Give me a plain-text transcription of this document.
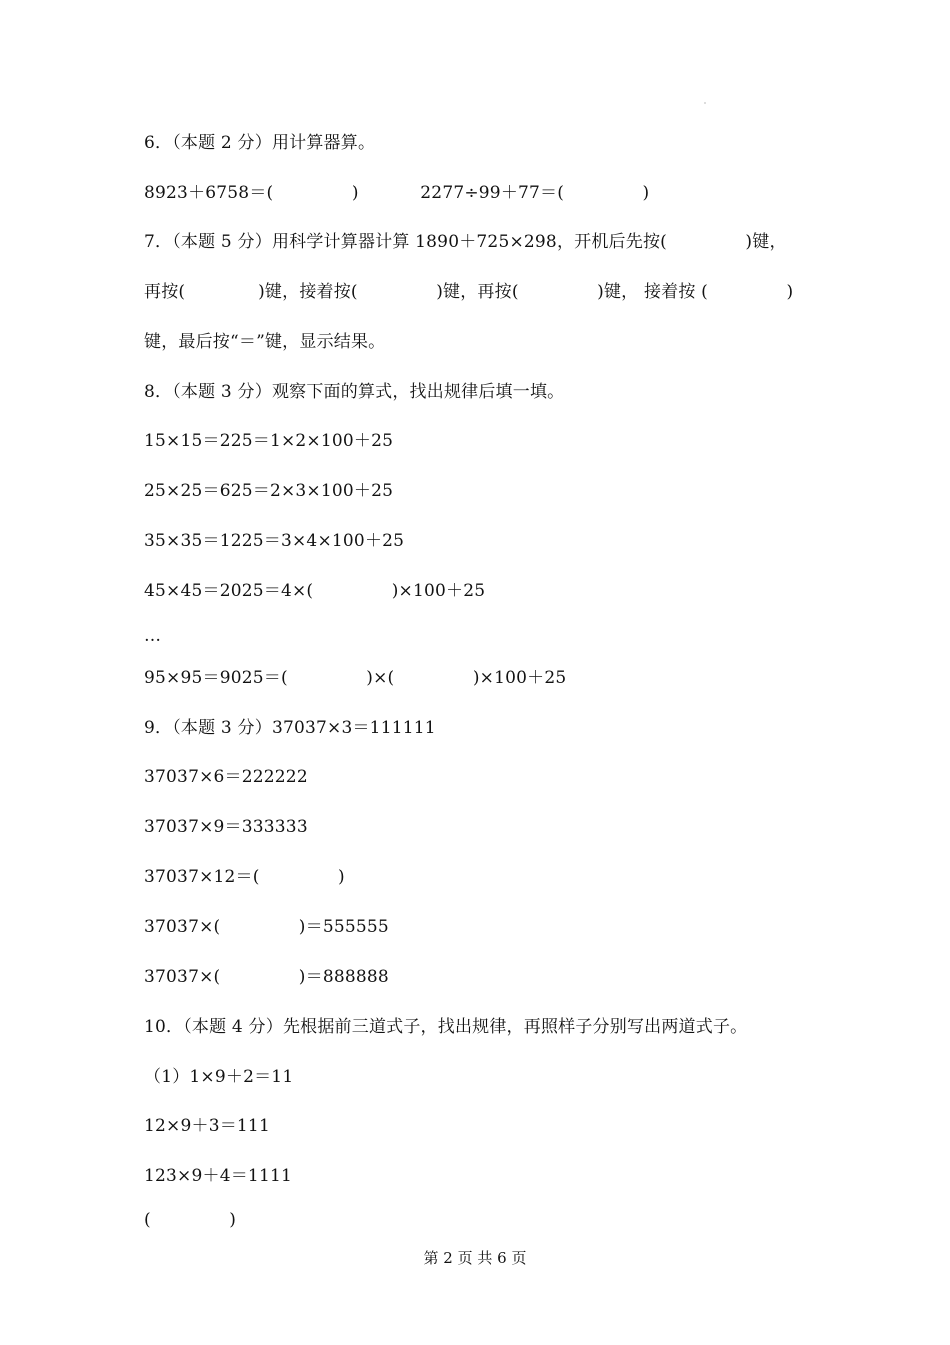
6．（本题 2 分）用计算器算。
8923＋6758＝(              )           2277÷99＋77＝(              )
7．（本题 5 分）用科学计算器计算 1890＋725×298，开机后先按(              )键，
再按(             )键，接着按(              )键，再按(              )键， 接着按 (              )
键，最后按“＝”键，显示结果。
8．（本题 3 分）观察下面的算式，找出规律后填一填。
15×15＝225＝1×2×100＋25
25×25＝625＝2×3×100＋25
35×35＝1225＝3×4×100＋25
45×45＝2025＝4×(              )×100＋25
…
95×95＝9025＝(              )×(              )×100＋25
9．（本题 3 分）37037×3＝111111
37037×6＝222222
37037×9＝333333
37037×12＝(              )
37037×(              )＝555555
37037×(              )＝888888
10．（本题 4 分）先根据前三道式子，找出规律，再照样子分别写出两道式子。
（1）1×9＋2＝11
12×9＋3＝111
123×9＋4＝1111
(              )
第 2 页 共 6 页
